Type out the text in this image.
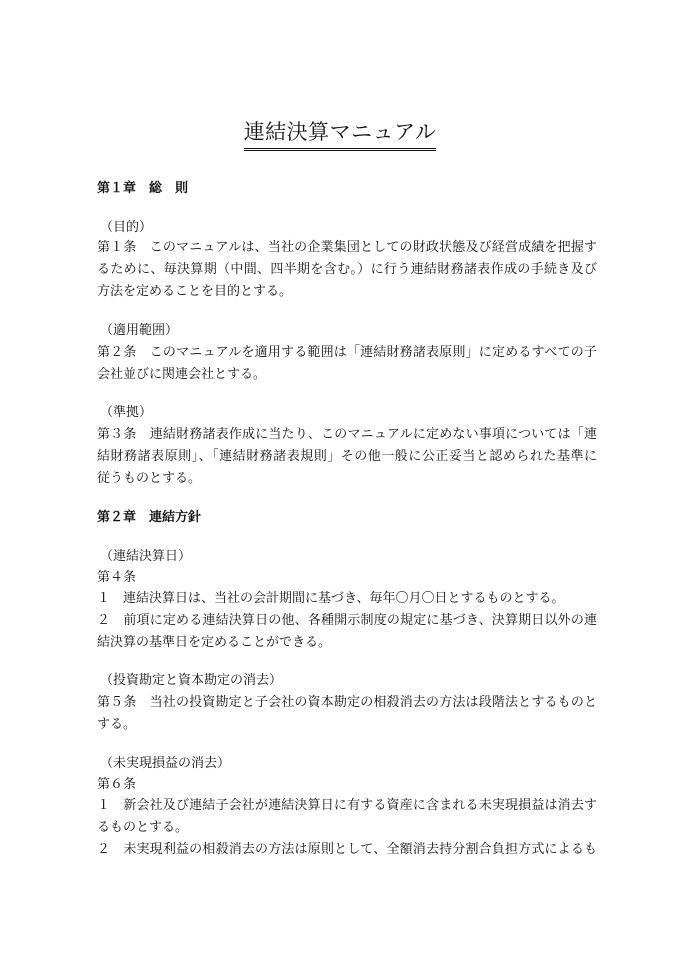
連結決算マニュアル
第１章　総　則
（目的）
第１条　このマニュアルは、当社の企業集団としての財政状態及び経営成績を把握す
るために、毎決算期（中間、四半期を含む。）に行う連結財務諸表作成の手続き及び
方法を定めることを目的とする。
（適用範囲）
第２条　このマニュアルを適用する範囲は「連結財務諸表原則」に定めるすべての子
会社並びに関連会社とする。
（準拠）
第３条　連結財務諸表作成に当たり、このマニュアルに定めない事項については「連
結財務諸表原則」、「連結財務諸表規則」その他一般に公正妥当と認められた基準に
従うものとする。
第２章　連結方針
（連結決算日）
第４条
１　連結決算日は、当社の会計期間に基づき、毎年〇月〇日とするものとする。
２　前項に定める連結決算日の他、各種開示制度の規定に基づき、決算期日以外の連
結決算の基準日を定めることができる。
（投資勘定と資本勘定の消去）
第５条　当社の投資勘定と子会社の資本勘定の相殺消去の方法は段階法とするものと
する。
（未実現損益の消去）
第６条
１　新会社及び連結子会社が連結決算日に有する資産に含まれる未実現損益は消去す
るものとする。
２　未実現利益の相殺消去の方法は原則として、全額消去持分割合負担方式によるも
